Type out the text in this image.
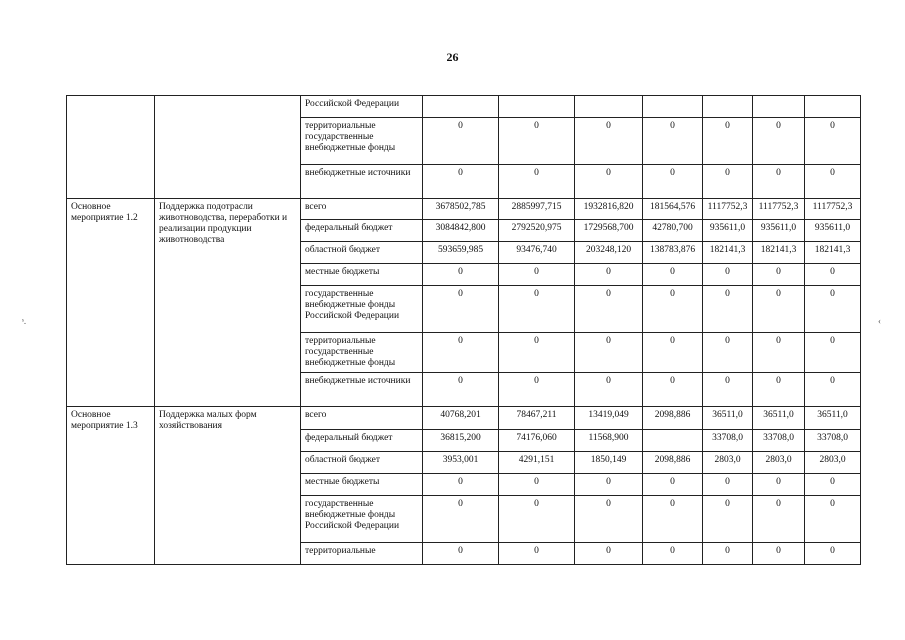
26
ˢ.	‹
		Российской Федерации							
		территориальные государственные внебюджетные фонды	0	0	0	0	0	0	0
		внебюджетные источники	0	0	0	0	0	0	0
Основное мероприятие 1.2	Поддержка подотрасли животноводства, переработки и реализации продукции животноводства	всего	3678502,785	2885997,715	1932816,820	181564,576	1117752,3	1117752,3	1117752,3
		федеральный бюджет	3084842,800	2792520,975	1729568,700	42780,700	935611,0	935611,0	935611,0
		областной бюджет	593659,985	93476,740	203248,120	138783,876	182141,3	182141,3	182141,3
		местные бюджеты	0	0	0	0	0	0	0
		государственные внебюджетные фонды Российской Федерации	0	0	0	0	0	0	0
		территориальные государственные внебюджетные фонды	0	0	0	0	0	0	0
		внебюджетные источники	0	0	0	0	0	0	0
Основное мероприятие 1.3	Поддержка малых форм хозяйствования	всего	40768,201	78467,211	13419,049	2098,886	36511,0	36511,0	36511,0
		федеральный бюджет	36815,200	74176,060	11568,900		33708,0	33708,0	33708,0
		областной бюджет	3953,001	4291,151	1850,149	2098,886	2803,0	2803,0	2803,0
		местные бюджеты	0	0	0	0	0	0	0
		государственные внебюджетные фонды Российской Федерации	0	0	0	0	0	0	0
		территориальные	0	0	0	0	0	0	0
